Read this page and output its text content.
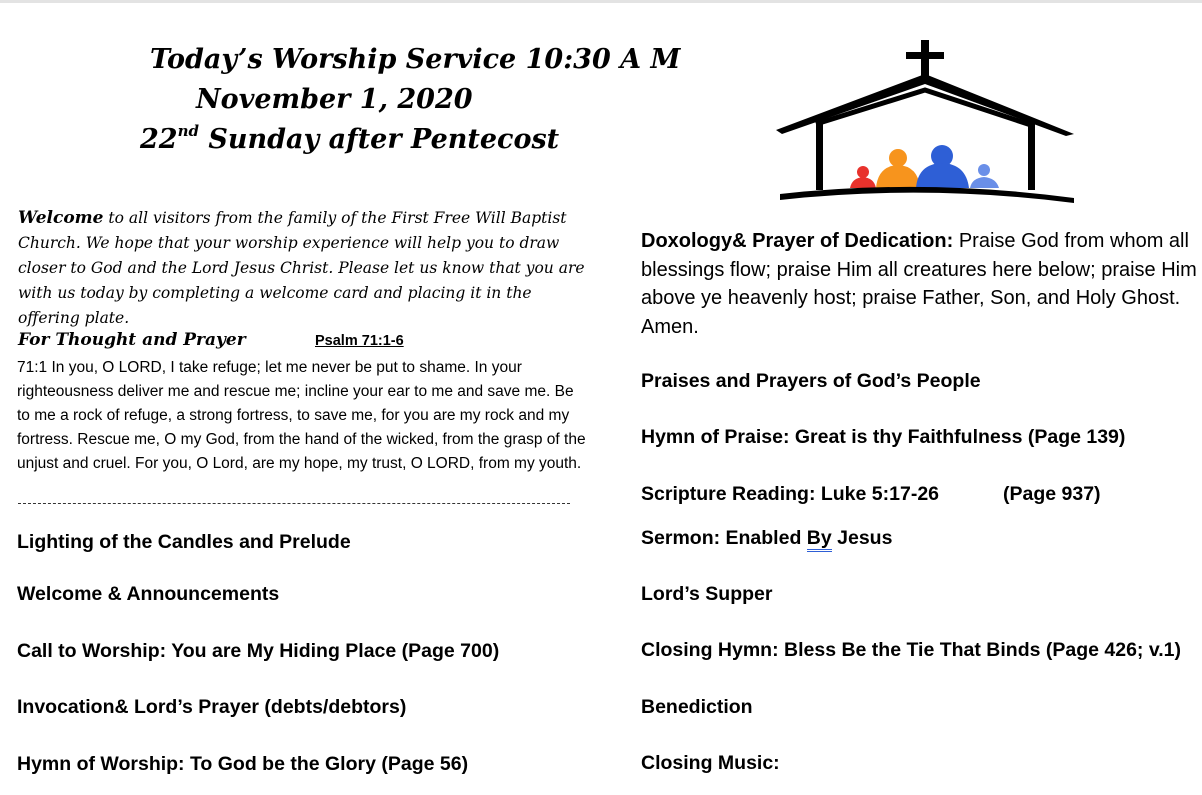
Today’s Worship Service 10:30 A M
November 1, 2020
22nd Sunday after Pentecost
Welcome to all visitors from the family of the First Free Will Baptist Church. We hope that your worship experience will help you to draw closer to God and the Lord Jesus Christ. Please let us know that you are with us today by completing a welcome card and placing it in the offering plate.
For Thought and Prayer	Psalm 71:1-6
71:1 In you, O LORD, I take refuge; let me never be put to shame. In your righteousness deliver me and rescue me; incline your ear to me and save me. Be to me a rock of refuge, a strong fortress, to save me, for you are my rock and my fortress. Rescue me, O my God, from the hand of the wicked, from the grasp of the unjust and cruel. For you, O Lord, are my hope, my trust, O LORD, from my youth.
Lighting of the Candles and Prelude
Welcome & Announcements
Call to Worship: You are My Hiding Place (Page 700)
Invocation& Lord’s Prayer (debts/debtors)
Hymn of Worship: To God be the Glory (Page 56)
Doxology& Prayer of Dedication: Praise God from whom all blessings flow; praise Him all creatures here below; praise Him above ye heavenly host; praise Father, Son, and Holy Ghost. Amen.
Praises and Prayers of God’s People
Hymn of Praise: Great is thy Faithfulness (Page 139)
Scripture Reading: Luke 5:17-26	(Page 937)
Sermon: Enabled By Jesus
Lord’s Supper
Closing Hymn: Bless Be the Tie That Binds (Page 426; v.1)
Benediction
Closing Music:
